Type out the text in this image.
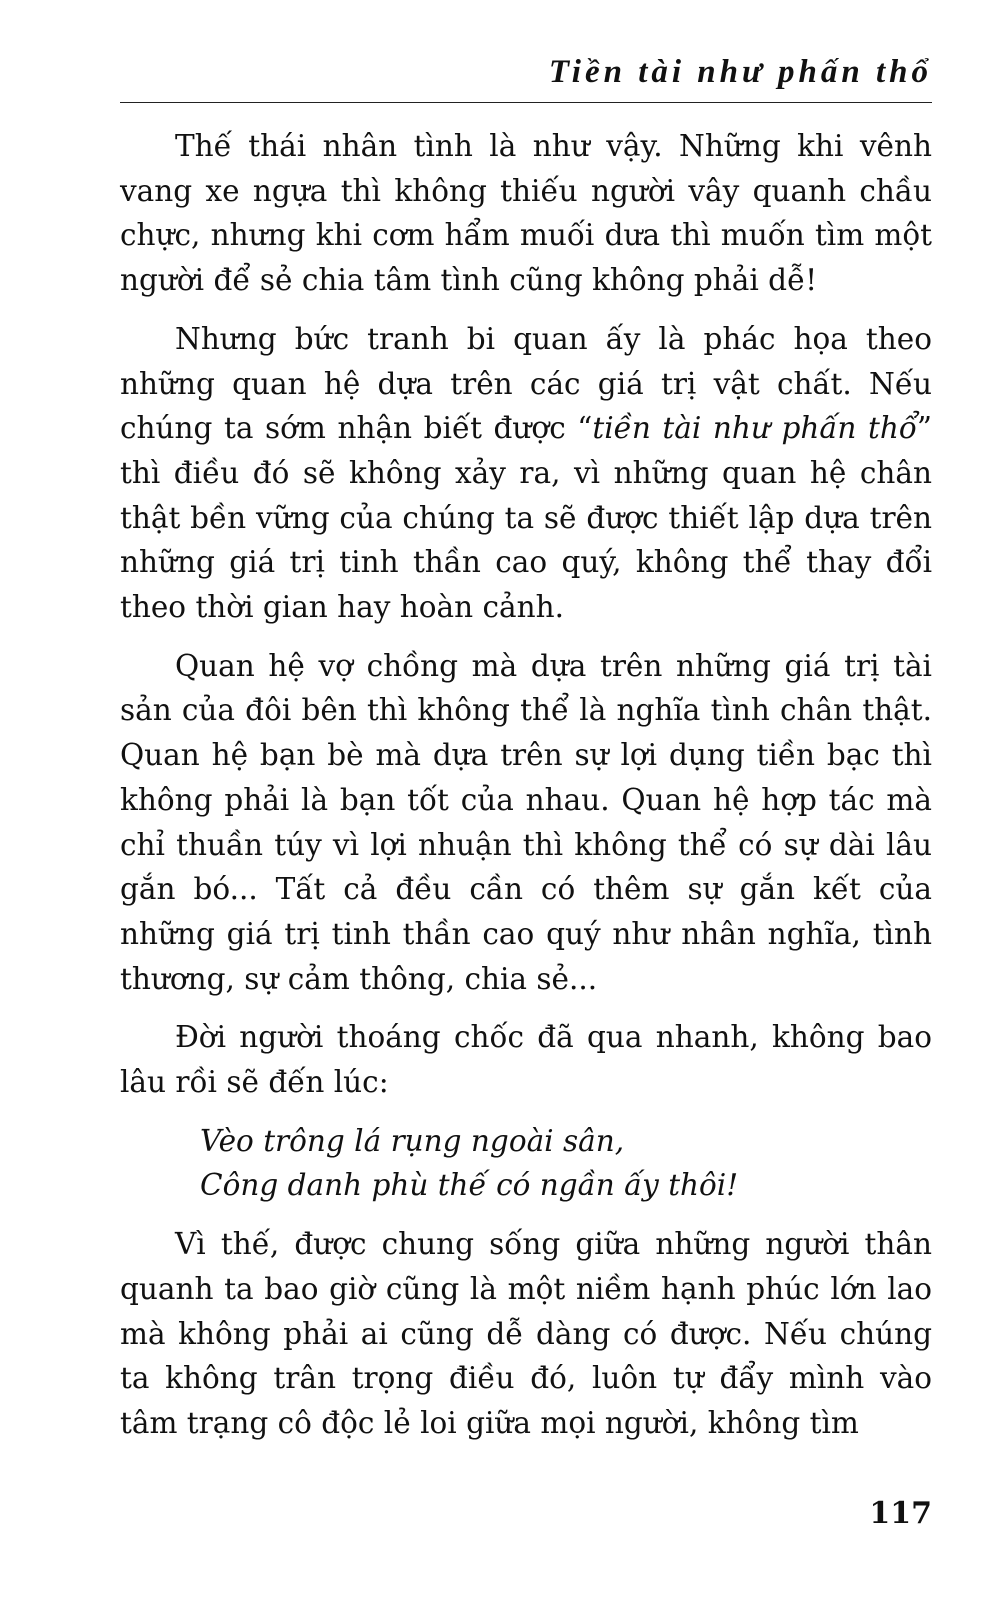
Tiền tài như phấn thổ

Thế thái nhân tình là như vậy. Những khi vênh vang xe ngựa thì không thiếu người vây quanh chầu chực, nhưng khi cơm hẩm muối dưa thì muốn tìm một người để sẻ chia tâm tình cũng không phải dễ!

Nhưng bức tranh bi quan ấy là phác họa theo những quan hệ dựa trên các giá trị vật chất. Nếu chúng ta sớm nhận biết được “tiền tài như phấn thổ” thì điều đó sẽ không xảy ra, vì những quan hệ chân thật bền vững của chúng ta sẽ được thiết lập dựa trên những giá trị tinh thần cao quý, không thể thay đổi theo thời gian hay hoàn cảnh.

Quan hệ vợ chồng mà dựa trên những giá trị tài sản của đôi bên thì không thể là nghĩa tình chân thật. Quan hệ bạn bè mà dựa trên sự lợi dụng tiền bạc thì không phải là bạn tốt của nhau. Quan hệ hợp tác mà chỉ thuần túy vì lợi nhuận thì không thể có sự dài lâu gắn bó... Tất cả đều cần có thêm sự gắn kết của những giá trị tinh thần cao quý như nhân nghĩa, tình thương, sự cảm thông, chia sẻ...

Đời người thoáng chốc đã qua nhanh, không bao lâu rồi sẽ đến lúc:

Vèo trông lá rụng ngoài sân,
Công danh phù thế có ngần ấy thôi!

Vì thế, được chung sống giữa những người thân quanh ta bao giờ cũng là một niềm hạnh phúc lớn lao mà không phải ai cũng dễ dàng có được. Nếu chúng ta không trân trọng điều đó, luôn tự đẩy mình vào tâm trạng cô độc lẻ loi giữa mọi người, không tìm

117
